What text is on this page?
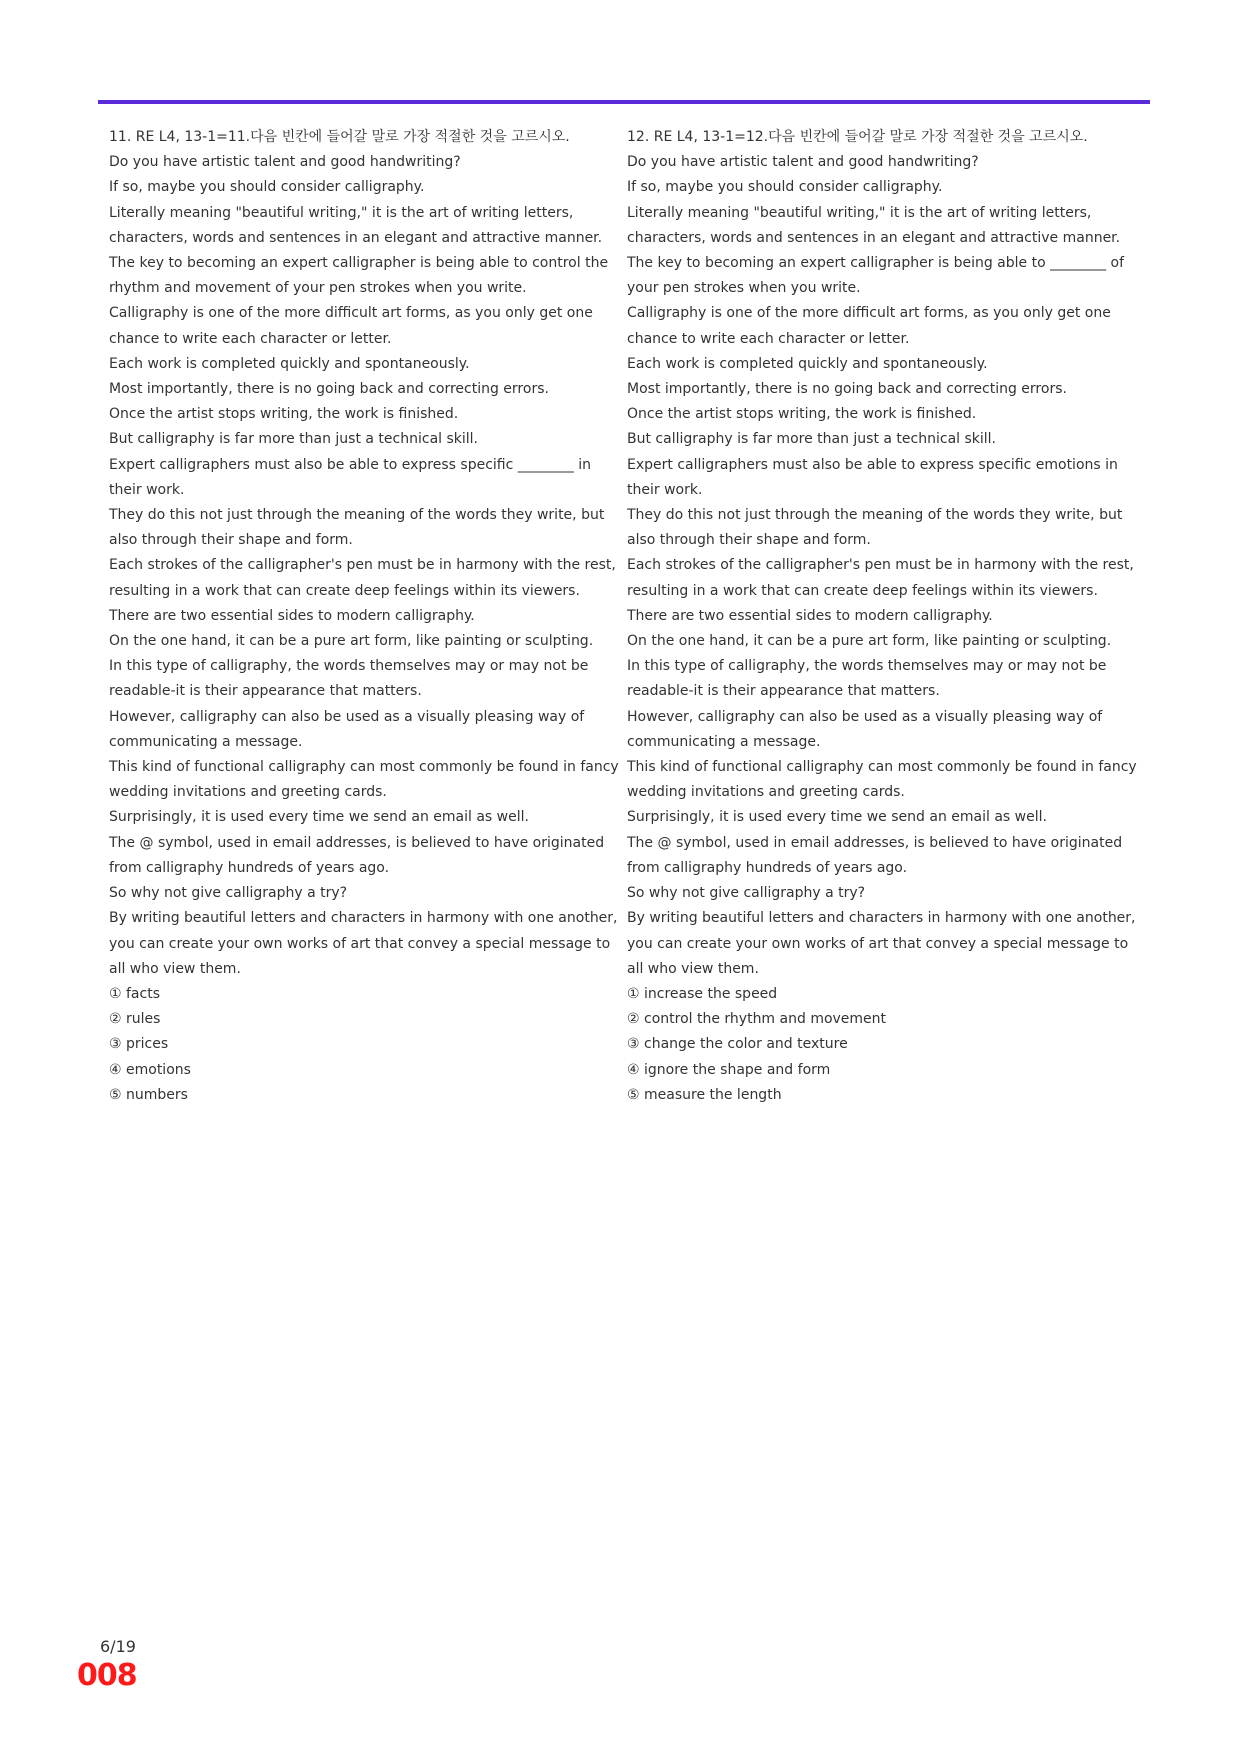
11. RE L4, 13-1=11.다음 빈칸에 들어갈 말로 가장 적절한 것을 고르시오.
Do you have artistic talent and good handwriting?
If so, maybe you should consider calligraphy.
Literally meaning "beautiful writing," it is the art of writing letters, characters, words and sentences in an elegant and attractive manner.
The key to becoming an expert calligrapher is being able to control the rhythm and movement of your pen strokes when you write.
Calligraphy is one of the more difficult art forms, as you only get one chance to write each character or letter.
Each work is completed quickly and spontaneously.
Most importantly, there is no going back and correcting errors.
Once the artist stops writing, the work is finished.
But calligraphy is far more than just a technical skill.
Expert calligraphers must also be able to express specific ________ in their work.
They do this not just through the meaning of the words they write, but also through their shape and form.
Each strokes of the calligrapher's pen must be in harmony with the rest, resulting in a work that can create deep feelings within its viewers.
There are two essential sides to modern calligraphy.
On the one hand, it can be a pure art form, like painting or sculpting.
In this type of calligraphy, the words themselves may or may not be readable-it is their appearance that matters.
However, calligraphy can also be used as a visually pleasing way of communicating a message.
This kind of functional calligraphy can most commonly be found in fancy wedding invitations and greeting cards.
Surprisingly, it is used every time we send an email as well.
The @ symbol, used in email addresses, is believed to have originated from calligraphy hundreds of years ago.
So why not give calligraphy a try?
By writing beautiful letters and characters in harmony with one another, you can create your own works of art that convey a special message to all who view them.
① facts
② rules
③ prices
④ emotions
⑤ numbers
12. RE L4, 13-1=12.다음 빈칸에 들어갈 말로 가장 적절한 것을 고르시오.
Do you have artistic talent and good handwriting?
If so, maybe you should consider calligraphy.
Literally meaning "beautiful writing," it is the art of writing letters, characters, words and sentences in an elegant and attractive manner.
The key to becoming an expert calligrapher is being able to ________ of your pen strokes when you write.
Calligraphy is one of the more difficult art forms, as you only get one chance to write each character or letter.
Each work is completed quickly and spontaneously.
Most importantly, there is no going back and correcting errors.
Once the artist stops writing, the work is finished.
But calligraphy is far more than just a technical skill.
Expert calligraphers must also be able to express specific emotions in their work.
They do this not just through the meaning of the words they write, but also through their shape and form.
Each strokes of the calligrapher's pen must be in harmony with the rest, resulting in a work that can create deep feelings within its viewers.
There are two essential sides to modern calligraphy.
On the one hand, it can be a pure art form, like painting or sculpting.
In this type of calligraphy, the words themselves may or may not be readable-it is their appearance that matters.
However, calligraphy can also be used as a visually pleasing way of communicating a message.
This kind of functional calligraphy can most commonly be found in fancy wedding invitations and greeting cards.
Surprisingly, it is used every time we send an email as well.
The @ symbol, used in email addresses, is believed to have originated from calligraphy hundreds of years ago.
So why not give calligraphy a try?
By writing beautiful letters and characters in harmony with one another, you can create your own works of art that convey a special message to all who view them.
① increase the speed
② control the rhythm and movement
③ change the color and texture
④ ignore the shape and form
⑤ measure the length
6/19
008
